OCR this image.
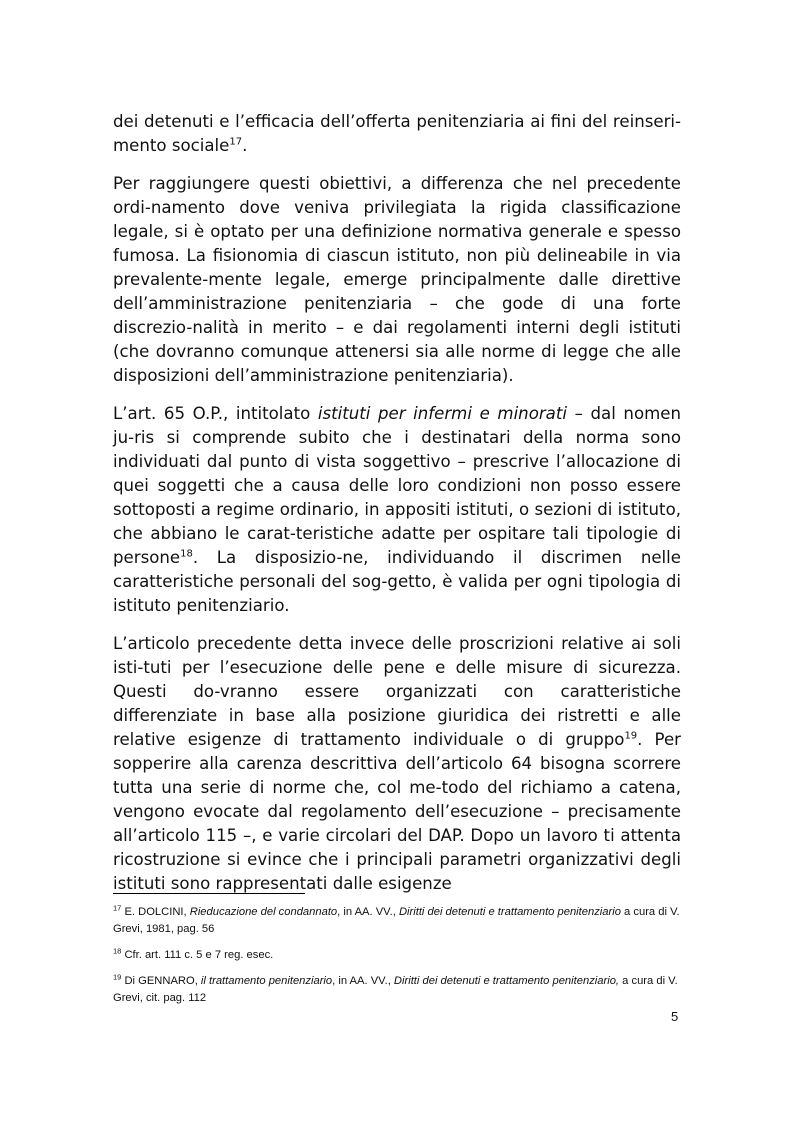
dei detenuti e l’efficacia dell’offerta penitenziaria ai fini del reinseri-mento sociale$^{17}$.

Per raggiungere questi obiettivi, a differenza che nel precedente ordi-namento dove veniva privilegiata la rigida classificazione legale, si è optato per una definizione normativa generale e spesso fumosa. La fisionomia di ciascun istituto, non più delineabile in via prevalente-mente legale, emerge principalmente dalle direttive dell’amministrazione penitenziaria – che gode di una forte discrezio-nalità in merito – e dai regolamenti interni degli istituti (che dovranno comunque attenersi sia alle norme di legge che alle disposizioni dell’amministrazione penitenziaria).

L’art. 65 O.P., intitolato istituti per infermi e minorati – dal nomen ju-ris si comprende subito che i destinatari della norma sono individuati dal punto di vista soggettivo – prescrive l’allocazione di quei soggetti che a causa delle loro condizioni non posso essere sottoposti a regime ordinario, in appositi istituti, o sezioni di istituto, che abbiano le carat-teristiche adatte per ospitare tali tipologie di persone$^{18}$. La disposizio-ne, individuando il discrimen nelle caratteristiche personali del sog-getto, è valida per ogni tipologia di istituto penitenziario.

L’articolo precedente detta invece delle proscrizioni relative ai soli isti-tuti per l’esecuzione delle pene e delle misure di sicurezza. Questi do-vranno essere organizzati con caratteristiche differenziate in base alla posizione giuridica dei ristretti e alle relative esigenze di trattamento individuale o di gruppo$^{19}$. Per sopperire alla carenza descrittiva dell’articolo 64 bisogna scorrere tutta una serie di norme che, col me-todo del richiamo a catena, vengono evocate dal regolamento dell’esecuzione – precisamente all’articolo 115 –, e varie circolari del DAP. Dopo un lavoro ti attenta ricostruzione si evince che i principali parametri organizzativi degli istituti sono rappresentati dalle esigenze

$^{17}$ E. DOLCINI, Rieducazione del condannato, in AA. VV., Diritti dei detenuti e trattamento penitenziario a cura di V. Grevi, 1981, pag. 56

$^{18}$ Cfr. art. 111 c. 5 e 7 reg. esec.

$^{19}$ Di GENNARO, il trattamento penitenziario, in AA. VV., Diritti dei detenuti e trattamento penitenziario, a cura di V. Grevi, cit. pag. 112

5
